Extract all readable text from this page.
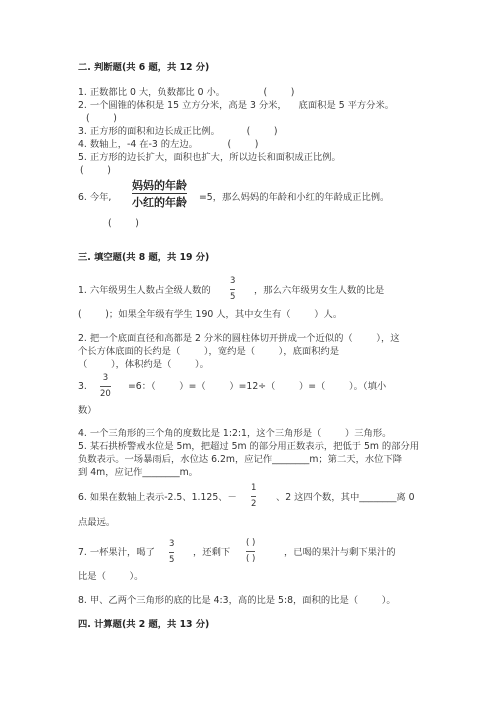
二. 判断题(共 6 题，共 12 分)
1. 正数都比 0 大，负数都比 0 小。             (        )
2. 一个圆锥的体积是 15 立方分米，高是 3 分米，    底面积是 5 平方分米。
(        )
3. 正方形的面积和边长成正比例。         (        )
4. 数轴上，-4 在-3 的左边。          (        )
5. 正方形的边长扩大，面积也扩大，所以边长和面积成正比例。
(        )
6. 今年,
妈妈的年龄
小红的年龄 =5，那么妈妈的年龄和小红的年龄成正比例。
(        )
三. 填空题(共 8 题，共 19 分)
1. 六年级男生人数占全级人数的
3
5
，那么六年级男女生人数的比是
(        )；如果全年级有学生 190 人，其中女生有（        ）人。
2. 把一个底面直径和高都是 2 分米的圆柱体切开拼成一个近似的（        ），这
个长方体底面的长约是（        ），宽约是（        ），底面积约是
（        ），体积约是（        ）。
3.
3
20
=6：（        ）=（        ）=12÷（        ）=（        ）。（填小
数）
4. 一个三角形的三个角的度数比是 1:2:1，这个三角形是（        ）三角形。
5. 某石拱桥警戒水位是 5m，把超过 5m 的部分用正数表示，把低于 5m 的部分用
负数表示。一场暴雨后，水位达 6.2m，应记作________m；第二天，水位下降
到 4m，应记作________m。
6. 如果在数轴上表示-2.5、1.125、－
1
2
、2 这四个数，其中________离 0
点最远。
7. 一杯果汁，喝了
3
5
，还剩下
( )
( )
，已喝的果汁与剩下果汁的
比是（        ）。
8. 甲、乙两个三角形的底的比是 4:3，高的比是 5:8，面积的比是（        ）。
四. 计算题(共 2 题，共 13 分)
